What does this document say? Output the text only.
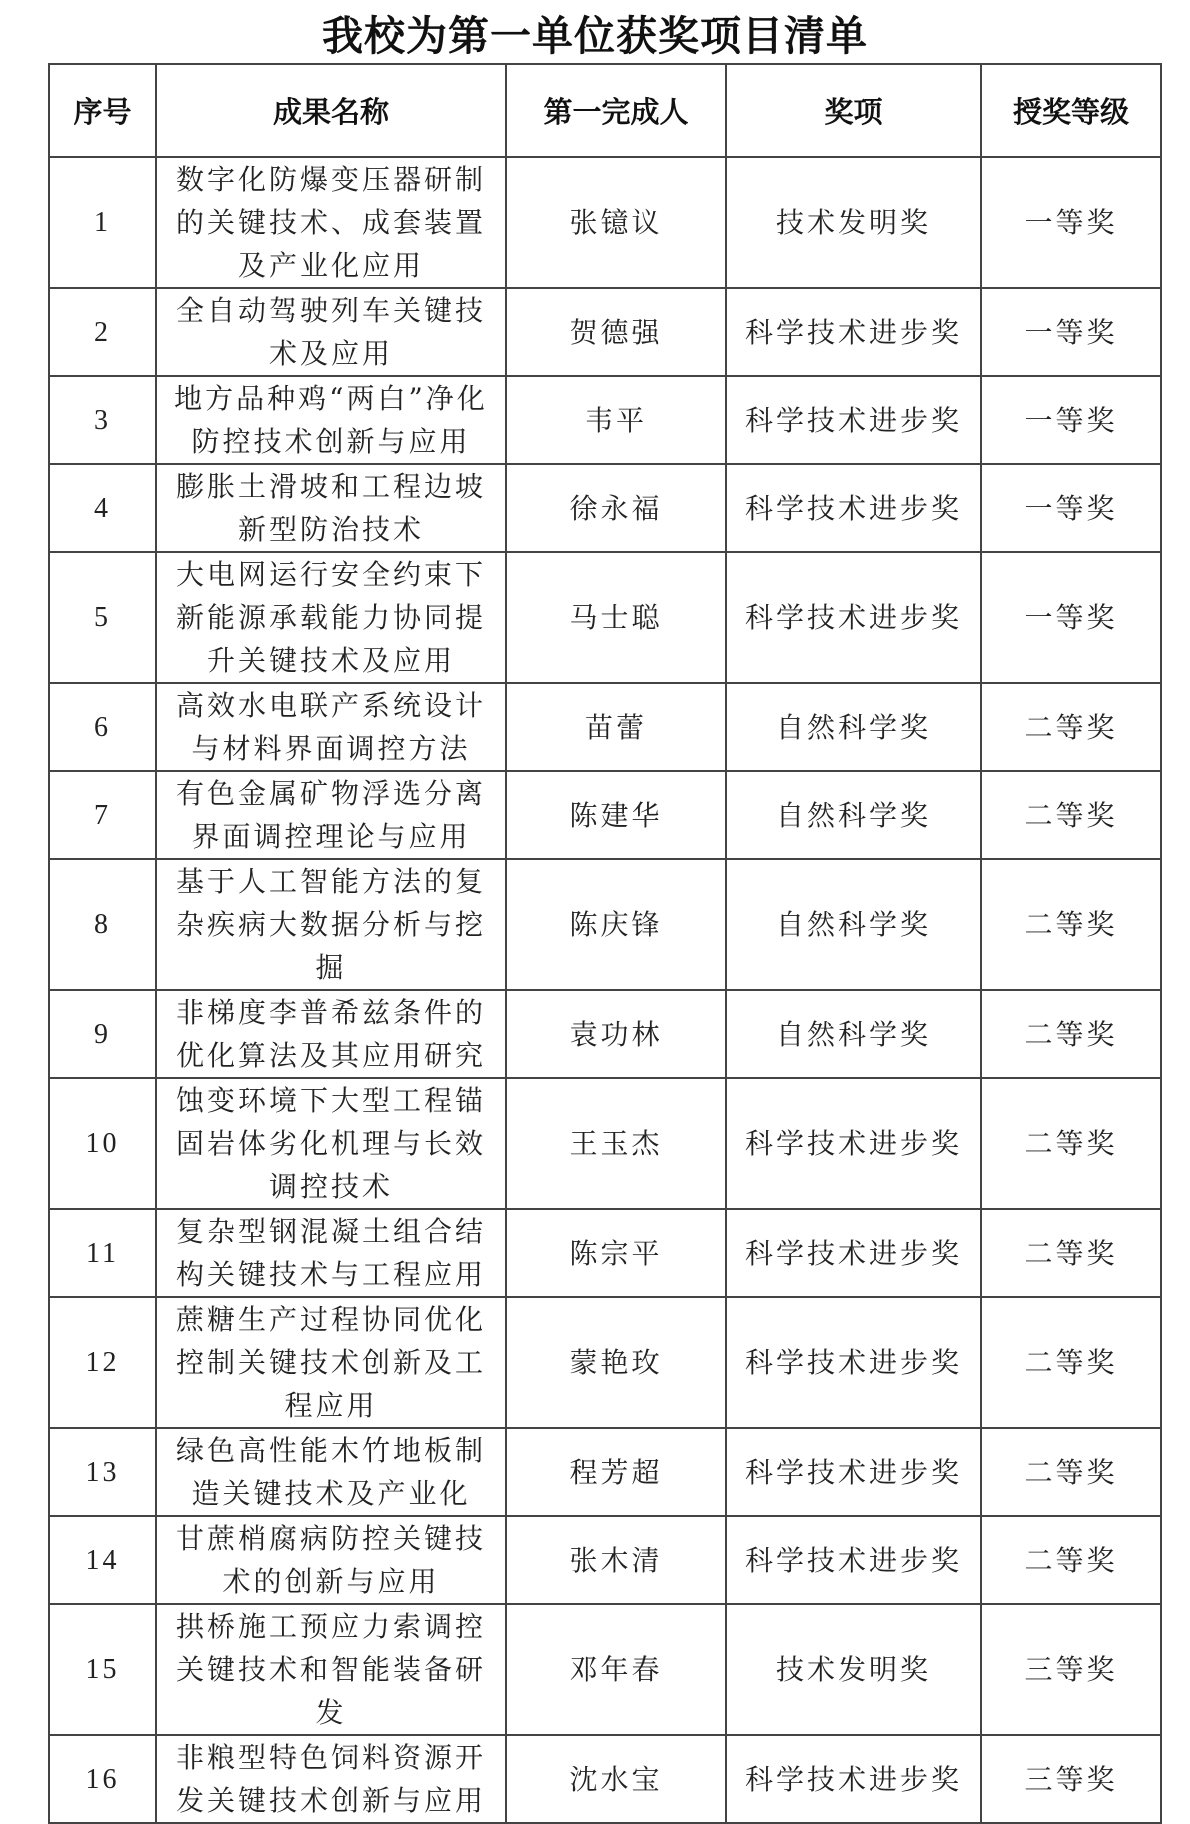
我校为第一单位获奖项目清单
序号	成果名称	第一完成人	奖项	授奖等级
1	数字化防爆变压器研制的关键技术、成套装置及产业化应用	张镱议	技术发明奖	一等奖
2	全自动驾驶列车关键技术及应用	贺德强	科学技术进步奖	一等奖
3	地方品种鸡“两白”净化防控技术创新与应用	韦平	科学技术进步奖	一等奖
4	膨胀土滑坡和工程边坡新型防治技术	徐永福	科学技术进步奖	一等奖
5	大电网运行安全约束下新能源承载能力协同提升关键技术及应用	马士聪	科学技术进步奖	一等奖
6	高效水电联产系统设计与材料界面调控方法	苗蕾	自然科学奖	二等奖
7	有色金属矿物浮选分离界面调控理论与应用	陈建华	自然科学奖	二等奖
8	基于人工智能方法的复杂疾病大数据分析与挖掘	陈庆锋	自然科学奖	二等奖
9	非梯度李普希兹条件的优化算法及其应用研究	袁功林	自然科学奖	二等奖
10	蚀变环境下大型工程锚固岩体劣化机理与长效调控技术	王玉杰	科学技术进步奖	二等奖
11	复杂型钢混凝土组合结构关键技术与工程应用	陈宗平	科学技术进步奖	二等奖
12	蔗糖生产过程协同优化控制关键技术创新及工程应用	蒙艳玫	科学技术进步奖	二等奖
13	绿色高性能木竹地板制造关键技术及产业化	程芳超	科学技术进步奖	二等奖
14	甘蔗梢腐病防控关键技术的创新与应用	张木清	科学技术进步奖	二等奖
15	拱桥施工预应力索调控关键技术和智能装备研发	邓年春	技术发明奖	三等奖
16	非粮型特色饲料资源开发关键技术创新与应用	沈水宝	科学技术进步奖	三等奖
